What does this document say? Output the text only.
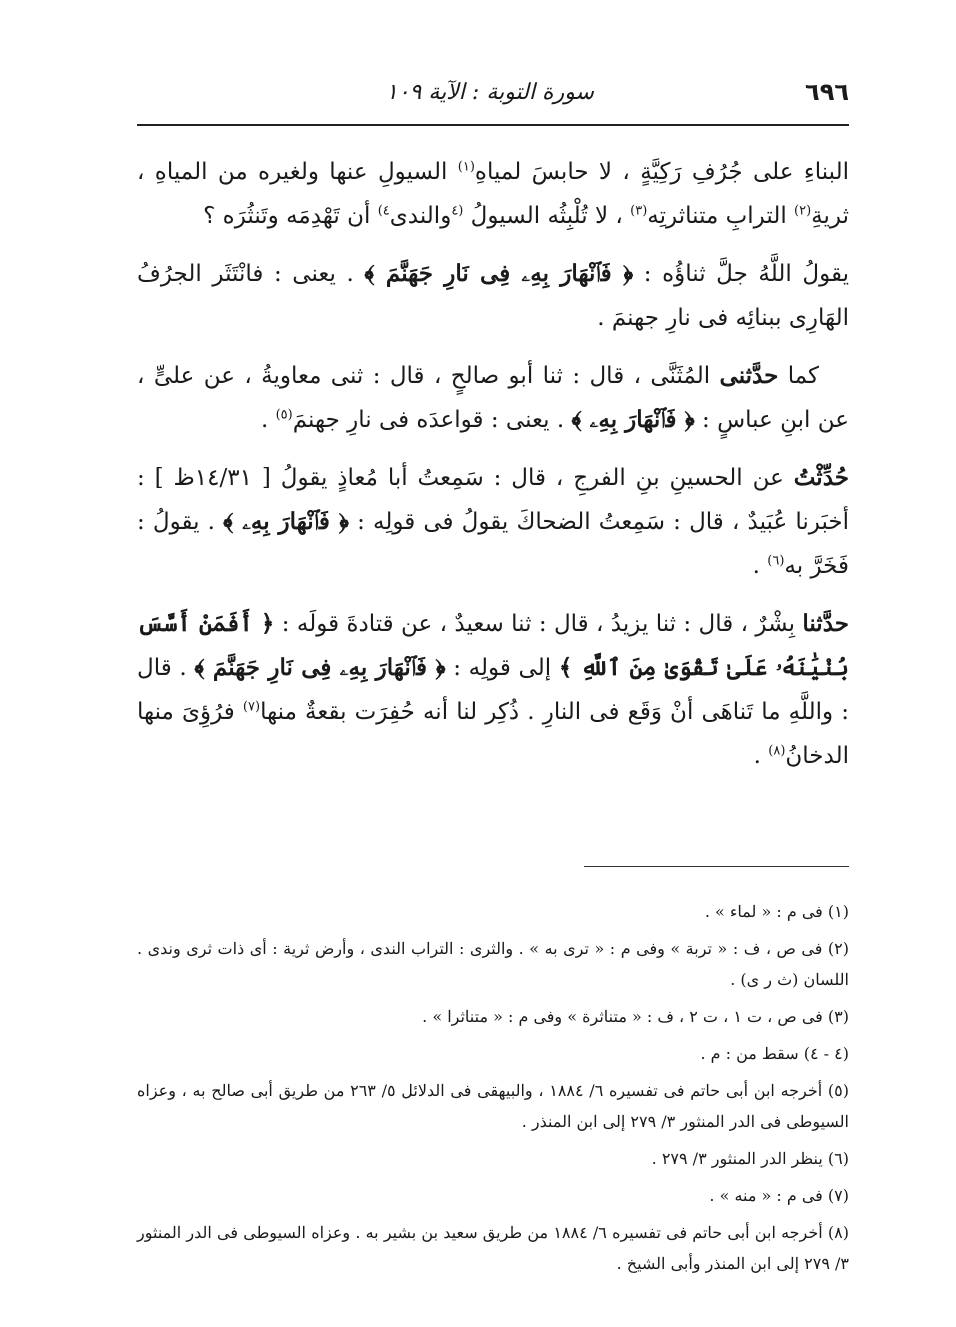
٦٩٦
سورة التوبة : الآية ١٠٩

البناءِ على جُرُفِ رَكِيَّةٍ ، لا حابسَ لمياهِ$^{(١)}$ السيولِ عنها ولغيره من المياهِ ، ثريةِ$^{(٢)}$ الترابِ متناثرتِه$^{(٣)}$ ، لا تُلْبِثُه السيولُ $^{(٤}$والندى$^{٤)}$ أن تَهْدِمَه وتَنثُرَه ؟

يقولُ اللَّهُ جلَّ ثناؤُه : ﴿ فَٱنْهَارَ بِهِۦ فِى نَارِ جَهَنَّمَ ﴾ . يعنى : فانْتَثَر الجرُفُ الهَارِى ببنائِه فى نارِ جهنمَ .

كما حدَّثنى المُثَنَّى ، قال : ثنا أبو صالحٍ ، قال : ثنى معاويةُ ، عن علىٍّ ، عن ابنِ عباسٍ : ﴿ فَٱنْهَارَ بِهِۦ ﴾ . يعنى : قواعدَه فى نارِ جهنمَ$^{(٥)}$ .

حُدِّثْتُ عن الحسينِ بنِ الفرجِ ، قال : سَمِعتُ أبا مُعاذٍ يقولُ [ ١٤/٣١ظ ] : أخبَرنا عُبَيدٌ ، قال : سَمِعتُ الضحاكَ يقولُ فى قولِه : ﴿ فَٱنْهَارَ بِهِۦ ﴾ . يقولُ : فَخَرَّ به$^{(٦)}$ .

حدَّثنا بِشْرٌ ، قال : ثنا يزيدُ ، قال : ثنا سعيدٌ ، عن قتادةَ قولَه : ﴿ أَفَمَنْ أَسَّسَ بُنْيَٰنَهُۥ عَلَىٰ تَقْوَىٰ مِنَ ٱللَّهِ ﴾ إلى قولِه : ﴿ فَٱنْهَارَ بِهِۦ فِى نَارِ جَهَنَّمَ ﴾ . قال : واللَّهِ ما تَناهَى أنْ وَقَع فى النارِ . ذُكِر لنا أنه حُفِرَت بقعةٌ منها$^{(٧)}$ فرُؤِىَ منها الدخانُ$^{(٨)}$ .

(١) فى م : « لماء » .
(٢) فى ص ، ف : « تربة » وفى م : « ترى به » . والثرى : التراب الندى ، وأرض ثرية : أى ذات ثرى وندى . اللسان (ث ر ى) .
(٣) فى ص ، ت ١ ، ت ٢ ، ف : « متناثرة » وفى م : « متناثرا » .
(٤ - ٤) سقط من : م .
(٥) أخرجه ابن أبى حاتم فى تفسيره ٦/ ١٨٨٤ ، والبيهقى فى الدلائل ٥/ ٢٦٣ من طريق أبى صالح به ، وعزاه السيوطى فى الدر المنثور ٣/ ٢٧٩ إلى ابن المنذر .
(٦) ينظر الدر المنثور ٣/ ٢٧٩ .
(٧) فى م : « منه » .
(٨) أخرجه ابن أبى حاتم فى تفسيره ٦/ ١٨٨٤ من طريق سعيد بن بشير به . وعزاه السيوطى فى الدر المنثور ٣/ ٢٧٩ إلى ابن المنذر وأبى الشيخ .
